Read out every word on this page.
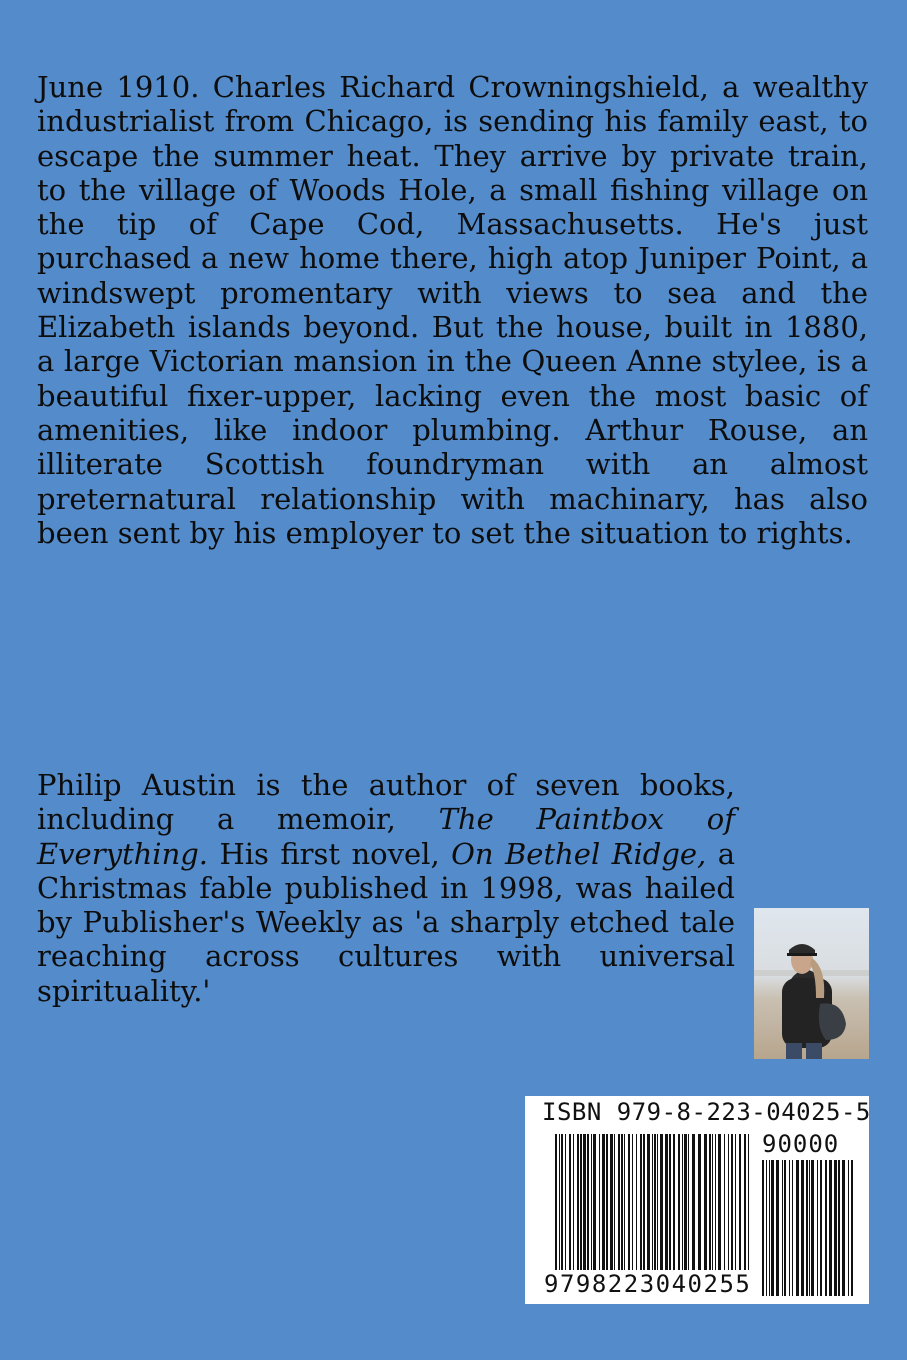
June 1910. Charles Richard Crowningshield, a wealthy industrialist from Chicago, is sending his family east, to escape the summer heat. They arrive by private train, to the village of Woods Hole, a small fishing village on the tip of Cape Cod, Massachusetts. He's just purchased a new home there, high atop Juniper Point, a windswept promentary with views to sea and the Elizabeth islands beyond. But the house, built in 1880, a large Victorian mansion in the Queen Anne stylee, is a beautiful fixer-upper, lacking even the most basic of amenities, like indoor plumbing. Arthur Rouse, an illiterate Scottish foundryman with an almost preternatural relationship with machinary, has also been sent by his employer to set the situation to rights.

Philip Austin is the author of seven books, including a memoir, The Paintbox of Everything. His first novel, On Bethel Ridge, a Christmas fable published in 1998, was hailed by Publisher's Weekly as 'a sharply etched tale reaching across cultures with universal spirituality.'

ISBN 979-8-223-04025-5
90000
9798223040255
